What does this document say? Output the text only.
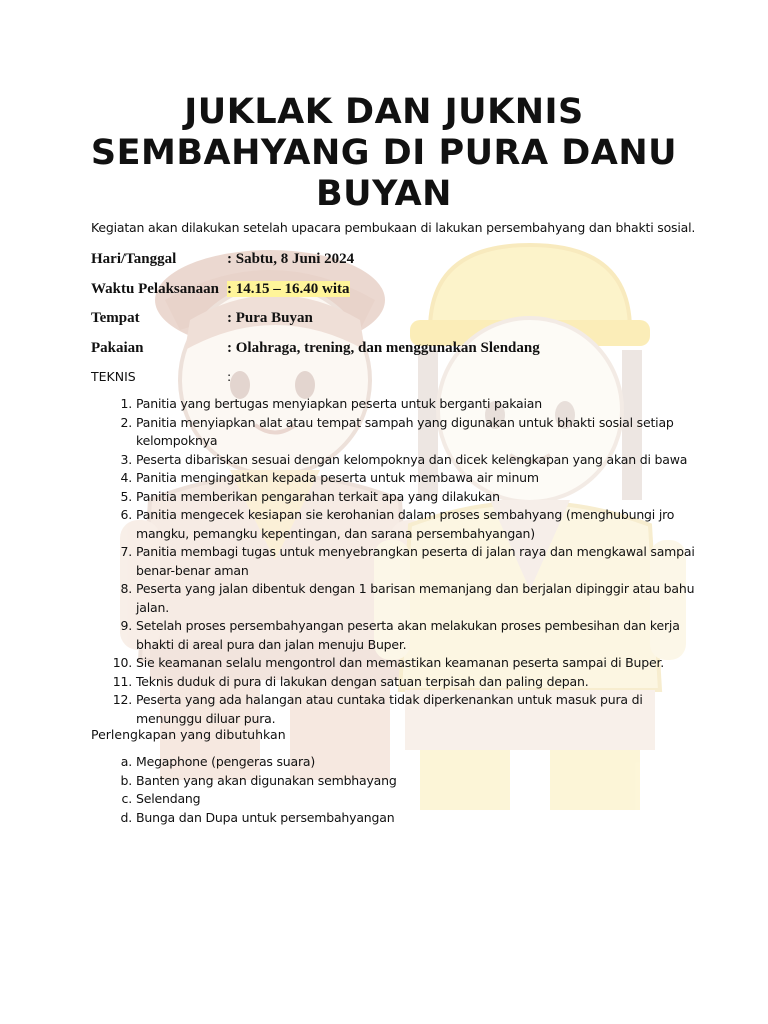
JUKLAK DAN JUKNIS SEMBAHYANG DI PURA DANU BUYAN

Kegiatan akan dilakukan setelah upacara pembukaan di lakukan persembahyang dan bhakti sosial.

Hari/Tanggal	: Sabtu, 8 Juni 2024

Waktu Pelaksanaan : 14.15 – 16.40 wita

Tempat	: Pura Buyan

Pakaian	: Olahraga, trening, dan menggunakan Slendang

TEKNIS	:

1. Panitia yang bertugas menyiapkan peserta untuk berganti pakaian
2. Panitia menyiapkan alat atau tempat sampah yang digunakan untuk bhakti sosial setiap kelompoknya
3. Peserta dibariskan sesuai dengan kelompoknya dan dicek kelengkapan yang akan di bawa
4. Panitia mengingatkan kepada peserta untuk membawa air minum
5. Panitia memberikan pengarahan terkait apa yang dilakukan
6. Panitia mengecek kesiapan sie kerohanian dalam proses sembahyang (menghubungi jro mangku, pemangku kepentingan, dan sarana persembahyangan)
7. Panitia membagi tugas untuk menyebrangkan peserta di jalan raya dan mengkawal sampai benar-benar aman
8. Peserta yang jalan dibentuk dengan 1 barisan memanjang dan berjalan dipinggir atau bahu jalan.
9. Setelah proses persembahyangan peserta akan melakukan proses pembesihan dan kerja bhakti di areal pura dan jalan menuju Buper.
10. Sie keamanan selalu mengontrol dan memastikan keamanan peserta sampai di Buper.
11. Teknis duduk di pura di lakukan dengan satuan terpisah dan paling depan.
12. Peserta yang ada halangan atau cuntaka tidak diperkenankan untuk masuk pura di menunggu diluar pura.

Perlengkapan yang dibutuhkan

a. Megaphone (pengeras suara)
b. Banten yang akan digunakan sembhayang
c. Selendang
d. Bunga dan Dupa untuk persembahyangan
